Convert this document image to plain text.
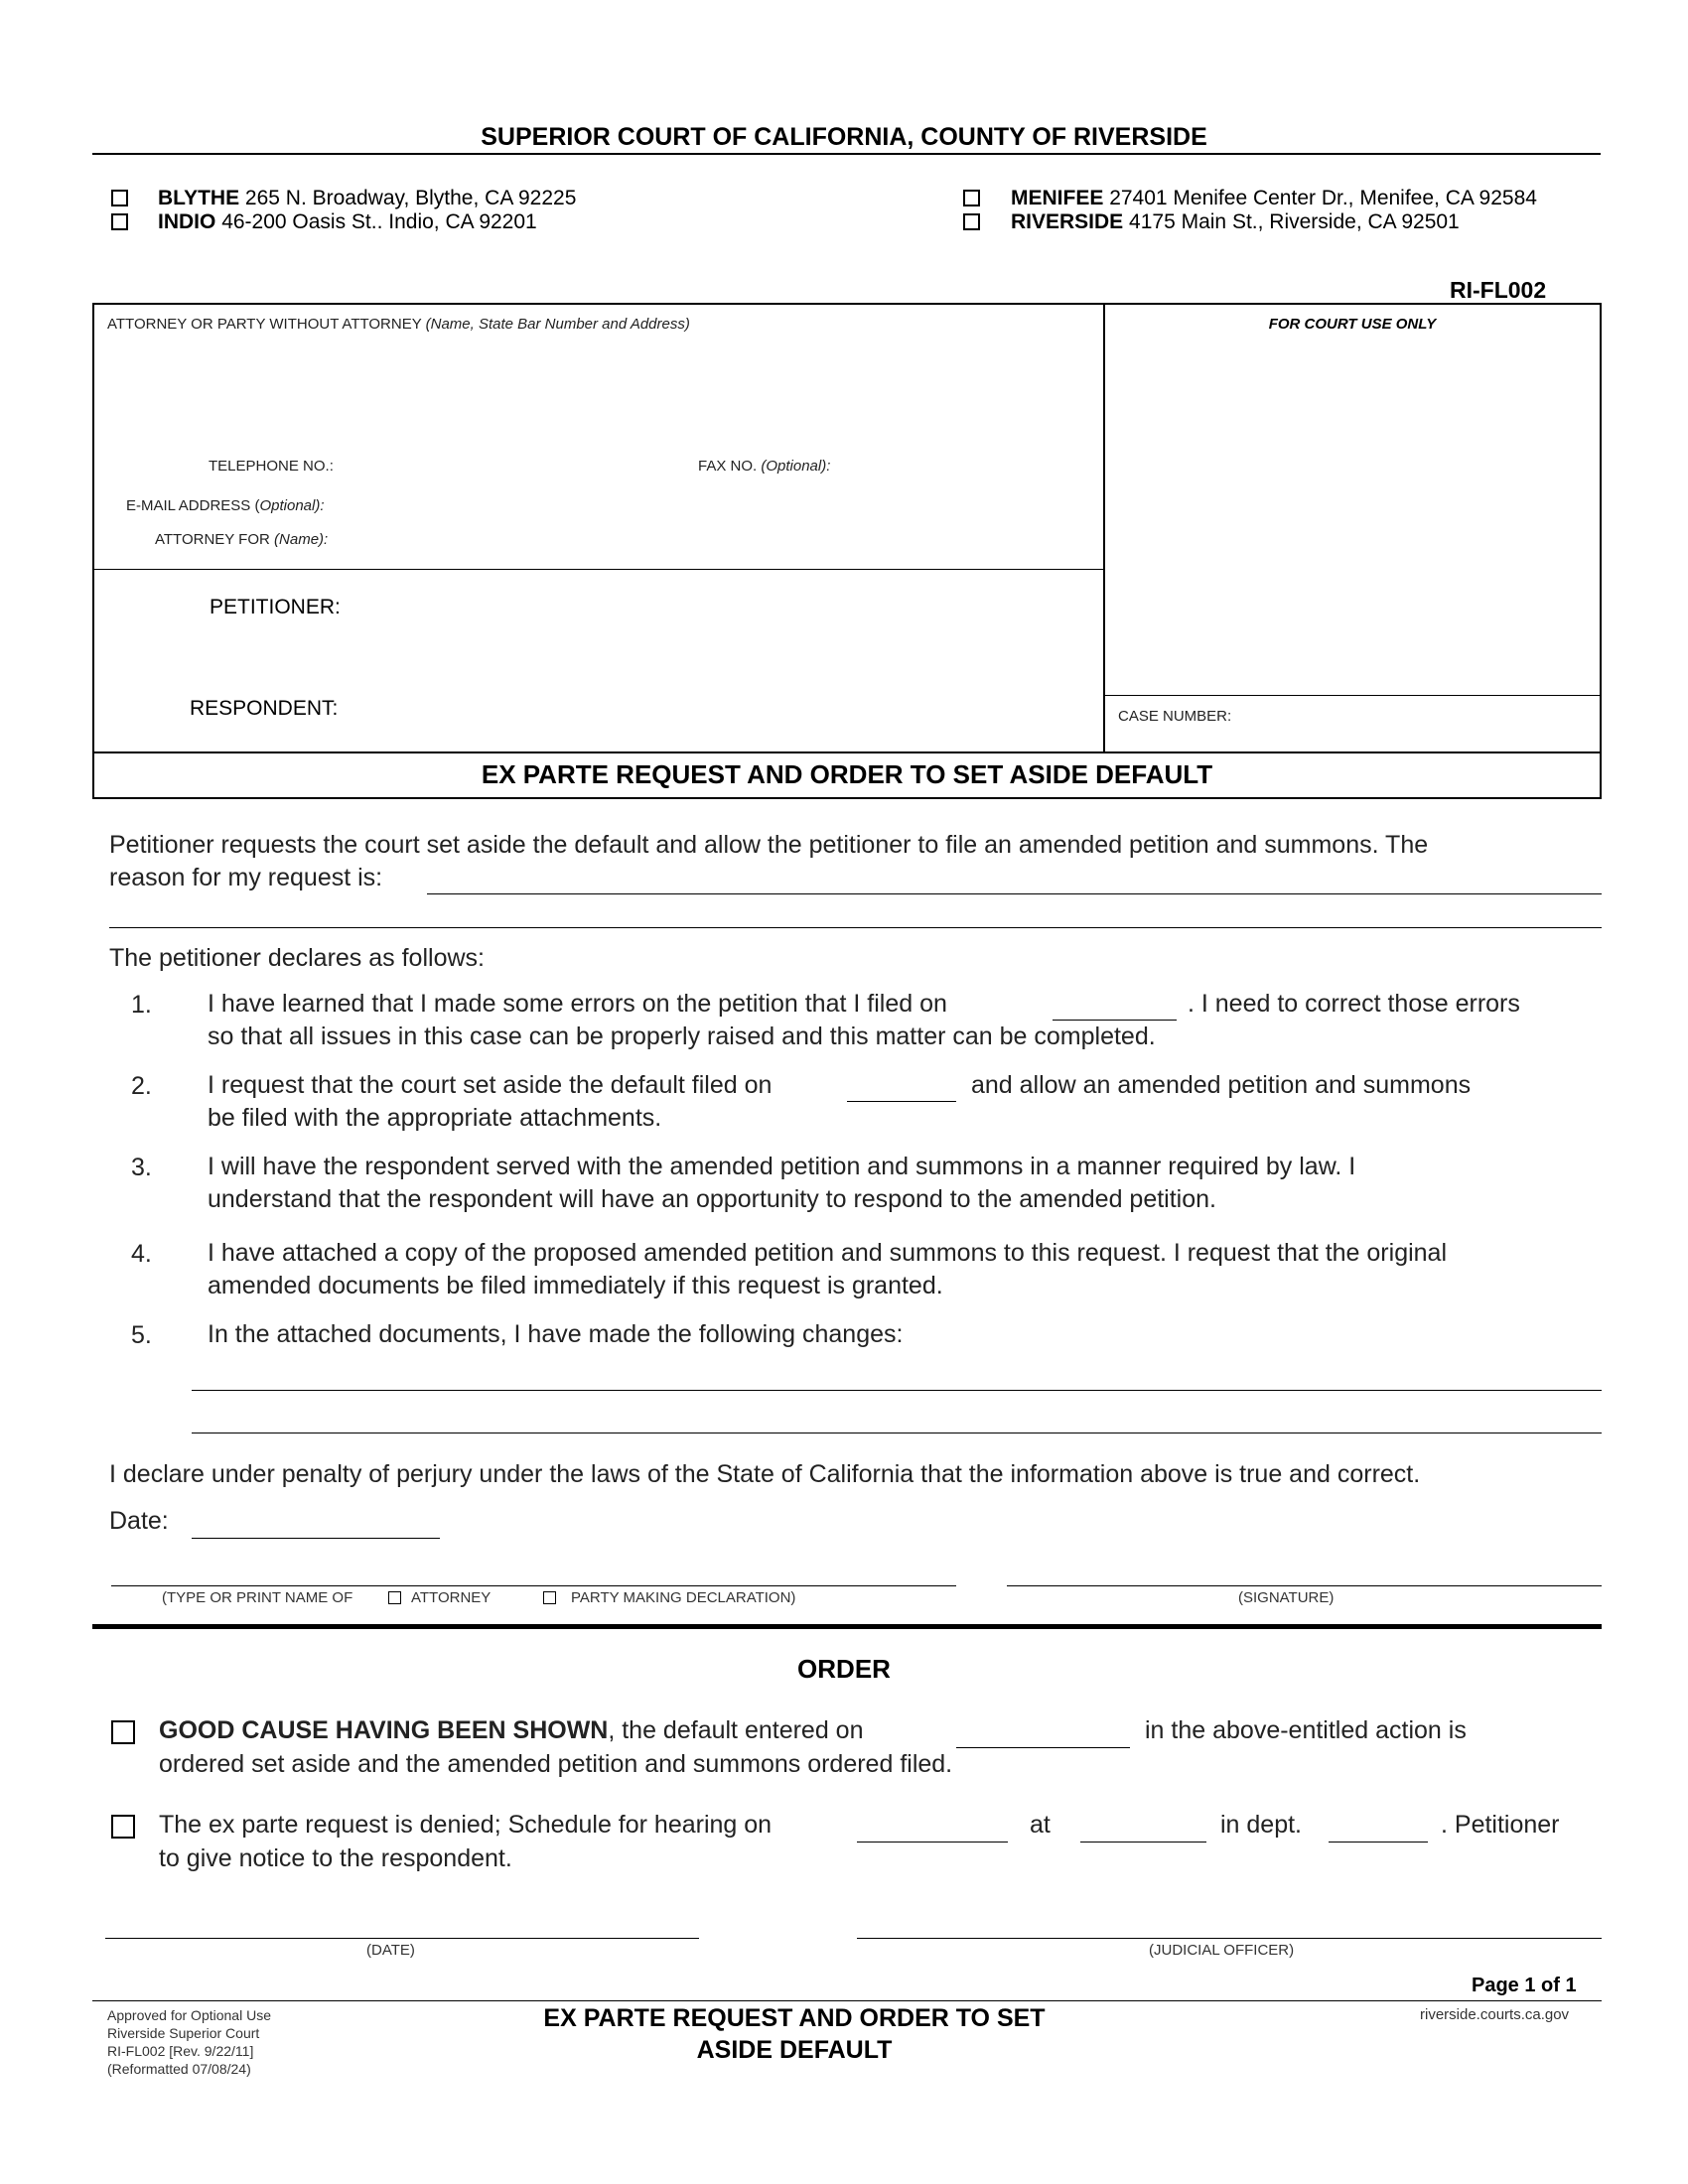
SUPERIOR COURT OF CALIFORNIA, COUNTY OF RIVERSIDE
BLYTHE 265 N. Broadway, Blythe, CA 92225
INDIO 46-200 Oasis St.. Indio, CA 92201
MENIFEE 27401 Menifee Center Dr., Menifee, CA 92584
RIVERSIDE 4175 Main St., Riverside, CA 92501
RI-FL002
ATTORNEY OR PARTY WITHOUT ATTORNEY (Name, State Bar Number and Address)	FOR COURT USE ONLY
TELEPHONE NO.:	FAX NO. (Optional):
E-MAIL ADDRESS (Optional):
ATTORNEY FOR (Name):
PETITIONER:
RESPONDENT:	CASE NUMBER:
EX PARTE REQUEST AND ORDER TO SET ASIDE DEFAULT
Petitioner requests the court set aside the default and allow the petitioner to file an amended petition and summons. The
reason for my request is:
The petitioner declares as follows:
1. I have learned that I made some errors on the petition that I filed on	. I need to correct those errors
so that all issues in this case can be properly raised and this matter can be completed.
2. I request that the court set aside the default filed on	and allow an amended petition and summons
be filed with the appropriate attachments.
3. I will have the respondent served with the amended petition and summons in a manner required by law. I
understand that the respondent will have an opportunity to respond to the amended petition.
4. I have attached a copy of the proposed amended petition and summons to this request. I request that the original
amended documents be filed immediately if this request is granted.
5. In the attached documents, I have made the following changes:
I declare under penalty of perjury under the laws of the State of California that the information above is true and correct.
Date:
(TYPE OR PRINT NAME OF	ATTORNEY	PARTY MAKING DECLARATION)	(SIGNATURE)
ORDER
GOOD CAUSE HAVING BEEN SHOWN, the default entered on	in the above-entitled action is
ordered set aside and the amended petition and summons ordered filed.
The ex parte request is denied; Schedule for hearing on	at	in dept.	. Petitioner
to give notice to the respondent.
(DATE)	(JUDICIAL OFFICER)
Page 1 of 1
Approved for Optional Use
Riverside Superior Court
RI-FL002 [Rev. 9/22/11]
(Reformatted 07/08/24)
EX PARTE REQUEST AND ORDER TO SET
ASIDE DEFAULT
riverside.courts.ca.gov
